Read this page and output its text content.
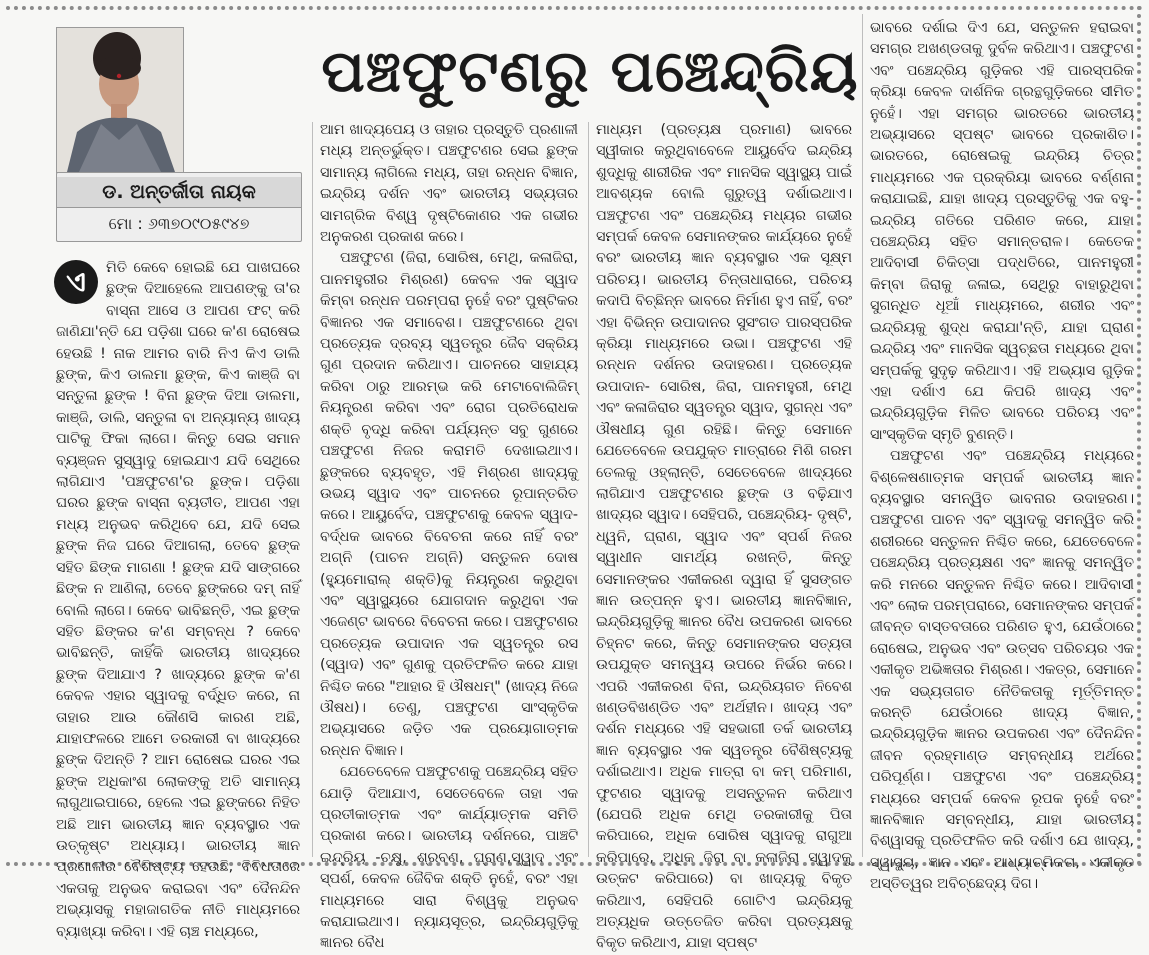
ଡ. ଅନ୍ତର୍ଜୀତା ନାୟକ
ମୋ : ୬୩୭୦୯୦୫୯୪୭
ପଞ୍ଚଫୁଟଣରୁ ପଞ୍ଚେନ୍ଦ୍ରିୟ
ଏ	ମିତି କେବେ ହୋଇଛି ଯେ ପାଖଘରେ ଛୁଙ୍କ ଦିଆହେଲେ ଆପଣଙ୍କୁ ତା'ର ବାସ୍ନା ଆସେ ଓ ଆପଣ ଫଟ୍ କରି ଜାଣିଯା'ନ୍ତି ଯେ ପଡ଼ିଶା ଘରେ କ'ଣ ରୋଷେଇ ହେଉଛି ! ନାକ ଆମର ବାରି ନିଏ କିଏ ଡାଲି ଛୁଙ୍କ, କିଏ ଡାଲମା ଛୁଙ୍କ, କିଏ କାଞ୍ଜି ବା ସନ୍ତୁଳା ଛୁଙ୍କ ! ବିନା ଛୁଙ୍କ ଦିଆ ଡାଲମା, କାଞ୍ଜି, ଡାଲି, ସନ୍ତୁଳା ବା ଅନ୍ୟାନ୍ୟ ଖାଦ୍ୟ ପାଟିକୁ ଫିକା ଲାଗେ। କିନ୍ତୁ ସେଇ ସମାନ ବ୍ୟଞ୍ଜନ ସୁସ୍ୱାଦୁ ହୋଇଯାଏ ଯଦି ସେଥିରେ ଲାଗିଯାଏ 'ପଞ୍ଚଫୁଟଣ'ର ଛୁଙ୍କ। ପଡ଼ିଶା ଘରର ଛୁଙ୍କ ବାସ୍ନା ବ୍ୟତୀତ, ଆପଣ ଏହା ମଧ୍ୟ ଅନୁଭବ କରିଥିବେ ଯେ, ଯଦି ସେଇ ଛୁଙ୍କ ନିଜ ଘରେ ଦିଆଗଲା, ତେବେ ଛୁଙ୍କ ସହିତ ଛିଙ୍କ ମାଗଣା ! ଛୁଙ୍କ ଯଦି ସାଙ୍ଗରେ ଛିଙ୍କ ନ ଆଣିଲା, ତେବେ ଛୁଙ୍କରେ ଦମ୍ ନାହିଁ ବୋଲି ଲାଗେ। କେବେ ଭାବିଛନ୍ତି, ଏଇ ଛୁଙ୍କ ସହିତ ଛିଙ୍କର କ'ଣ ସମ୍ବନ୍ଧ ? କେବେ ଭାବିଛନ୍ତି, କାହିଁକି ଭାରତୀୟ ଖାଦ୍ୟରେ ଛୁଙ୍କ ଦିଆଯାଏ ? ଖାଦ୍ୟରେ ଛୁଙ୍କ କ'ଣ କେବଳ ଏହାର ସ୍ୱାଦକୁ ବର୍ଦ୍ଧିତ କରେ, ନା ତାହାର ଆଉ କୌଣସି କାରଣ ଅଛି, ଯାହାଫଳରେ ଆମେ ତରକାରୀ ବା ଖାଦ୍ୟରେ ଛୁଙ୍କ ଦିଅନ୍ତି ? ଆମ ରୋଷେଇ ଘରର ଏଇ ଛୁଙ୍କ ଅଧିକାଂଶ ଲୋକଙ୍କୁ ଅତି ସାମାନ୍ୟ ଲାଗୁଥାଇପାରେ, ହେଲେ ଏଇ ଛୁଙ୍କରେ ନିହିତ ଅଛି ଆମ ଭାରତୀୟ ଜ୍ଞାନ ବ୍ୟବସ୍ଥାର ଏକ ଉତ୍କୃଷ୍ଟ ଅଧ୍ୟାୟ। ଭାରତୀୟ ଜ୍ଞାନ ପ୍ରଣାଳୀର ବୈଶିଷ୍ଟ୍ୟ ହେଉଛି, ବିବିଧତାରେ ଏକତାକୁ ଅନୁଭବ କରାଇବା ଏବଂ ଦୈନନ୍ଦିନ ଅଭ୍ୟାସକୁ ମହାଜାଗତିକ ନୀତି ମାଧ୍ୟମରେ ବ୍ୟାଖ୍ୟା କରିବା। ଏହି ଚାଞ୍ଚ ମଧ୍ୟରେ,

ଆମ ଖାଦ୍ୟପେୟ ଓ ତାହାର ପ୍ରସ୍ତୁତି ପ୍ରଣାଳୀ ମଧ୍ୟ ଅନ୍ତର୍ଭୁକ୍ତ। ପଞ୍ଚଫୁଟଣର ସେଇ ଛୁଙ୍କ ସାମାନ୍ୟ ଲାଗିଲେ ମଧ୍ୟ, ତାହା ରନ୍ଧନ ବିଜ୍ଞାନ, ଇନ୍ଦ୍ରିୟ ଦର୍ଶନ ଏବଂ ଭାରତୀୟ ସଭ୍ୟତାର ସାମଗ୍ରିକ ବିଶ୍ୱ ଦୃଷ୍ଟିକୋଣର ଏକ ଗଭୀର ଅନୁକରଣ ପ୍ରକାଶ କରେ।

ପଞ୍ଚଫୁଟଣ (ଜିରା, ସୋରିଷ, ମେଥି, କଳାଜିରା, ପାନମହୁରୀର ମିଶ୍ରଣ) କେବଳ ଏକ ସ୍ୱାଦ କିମ୍ବା ରନ୍ଧନ ପରମ୍ପରା ନୁହେଁ ବରଂ ପୁଷ୍ଟିକର ବିଜ୍ଞାନର ଏକ ସମାବେଶ। ପଞ୍ଚଫୁଟଣରେ ଥିବା ପ୍ରତ୍ୟେକ ଦ୍ରବ୍ୟ ସ୍ୱତନ୍ତ୍ର ଜୈବ ସକ୍ରିୟ ଗୁଣ ପ୍ରଦାନ କରିଥାଏ। ପାଚନରେ ସାହାଯ୍ୟ କରିବା ଠାରୁ ଆରମ୍ଭ କରି ମେଟାବୋଲିଜିମ୍ ନିୟନ୍ତ୍ରଣ କରିବା ଏବଂ ରୋଗ ପ୍ରତିରୋଧକ ଶକ୍ତି ବୃଦ୍ଧି କରିବା ପର୍ଯ୍ୟନ୍ତ ସବୁ ଗୁଣରେ ପଞ୍ଚଫୁଟଣ ନିଜର କରାମତି ଦେଖାଇଥାଏ। ଛୁଙ୍କରେ ବ୍ୟବହୃତ, ଏହି ମିଶ୍ରଣ ଖାଦ୍ୟକୁ ଉଭୟ ସ୍ୱାଦ ଏବଂ ପାଚନରେ ରୂପାନ୍ତରିତ କରେ। ଆୟୁର୍ବେଦ, ପଞ୍ଚଫୁଟଣକୁ କେବଳ ସ୍ୱାଦ-ବର୍ଦ୍ଧକ ଭାବରେ ବିବେଚନା କରେ ନାହିଁ ବରଂ ଅଗ୍ନି (ପାଚନ ଅଗ୍ନି) ସନ୍ତୁଳନ ଦୋଷ (ହ୍ୟୁମୋରାଲ୍ ଶକ୍ତି)କୁ ନିୟନ୍ତ୍ରଣ କରୁଥିବା ଏବଂ ସ୍ୱାସ୍ଥ୍ୟରେ ଯୋଗଦାନ କରୁଥିବା ଏକ ଏଜେଣ୍ଟ ଭାବରେ ବିବେଚନା କରେ। ପଞ୍ଚଫୁଟଣର ପ୍ରତ୍ୟେକ ଉପାଦାନ ଏକ ସ୍ୱତନ୍ତ୍ର ରସ (ସ୍ୱାଦ) ଏବଂ ଗୁଣକୁ ପ୍ରତିଫଳିତ କରେ ଯାହା ନିଶ୍ଚିତ କରେ "ଆହାର ହି ଔଷଧମ୍" (ଖାଦ୍ୟ ନିଜେ ଔଷଧ)। ତେଣୁ, ପଞ୍ଚଫୁଟଣ ସାଂସ୍କୃତିକ ଅଭ୍ୟାସରେ ଜଡ଼ିତ ଏକ ପ୍ରୟୋଗାତ୍ମକ ରନ୍ଧନ ବିଜ୍ଞାନ।

ଯେତେବେଳେ ପଞ୍ଚଫୁଟଣକୁ ପଞ୍ଚେନ୍ଦ୍ରିୟ ସହିତ ଯୋଡ଼ି ଦିଆଯାଏ, ସେତେବେଳେ ତାହା ଏକ ପ୍ରତୀକାତ୍ମକ ଏବଂ କାର୍ଯ୍ୟାତ୍ମକ ସମିତି ପ୍ରକାଶ କରେ। ଭାରତୀୟ ଦର୍ଶନରେ, ପାଞ୍ଚଟି ଇନ୍ଦ୍ରିୟ -ଚକ୍ଷୁ, ଶ୍ରବଣ, ଘ୍ରାଣ,ସ୍ୱାଦ ଏବଂ ସ୍ପର୍ଶ, କେବଳ ଜୈବିକ ଶକ୍ତି ନୁହେଁ, ବରଂ ଏହା ମାଧ୍ୟମରେ ସାରା ବିଶ୍ୱକୁ ଅନୁଭବ କରାଯାଇଥାଏ। ନ୍ୟାୟସୂତ୍ର, ଇନ୍ଦ୍ରିୟଗୁଡ଼ିକୁ ଜ୍ଞାନର ବୈଧ

ମାଧ୍ୟମ (ପ୍ରତ୍ୟକ୍ଷ ପ୍ରମାଣ) ଭାବରେ ସ୍ୱୀକାର କରୁଥିବାବେଳେ ଆୟୁର୍ବେଦ ଇନ୍ଦ୍ରିୟ ଶୁଦ୍ଧିକୁ ଶାରୀରିକ ଏବଂ ମାନସିକ ସ୍ୱାସ୍ଥ୍ୟ ପାଇଁ ଆବଶ୍ୟକ ବୋଲି ଗୁରୁତ୍ୱ ଦର୍ଶାଇଥାଏ। ପଞ୍ଚଫୁଟଣ ଏବଂ ପଞ୍ଚେନ୍ଦ୍ରିୟ ମଧ୍ୟର ଗଭୀର ସମ୍ପର୍କ କେବଳ ସେମାନଙ୍କର କାର୍ଯ୍ୟରେ ନୁହେଁ ବରଂ ଭାରତୀୟ ଜ୍ଞାନ ବ୍ୟବସ୍ଥାର ଏକ ସୂକ୍ଷ୍ମ ପରିଚୟ। ଭାରତୀୟ ଚିନ୍ତାଧାରାରେ, ପରିଚୟ କଦାପି ବିଚ୍ଛିନ୍ନ ଭାବରେ ନିର୍ମାଣ ହୁଏ ନାହିଁ, ବରଂ ଏହା ବିଭିନ୍ନ ଉପାଦାନର ସୁସଂଗତ ପାରସ୍ପରିକ କ୍ରିୟା ମାଧ୍ୟମରେ ଉଭା। ପଞ୍ଚଫୁଟଣ ଏହି ରନ୍ଧନ ଦର୍ଶନର ଉଦାହରଣ। ପ୍ରତ୍ୟେକ ଉପାଦାନ- ସୋରିଷ, ଜିରା, ପାନମହୁରୀ, ମେଥି ଏବଂ କଳାଜିରାର ସ୍ୱତନ୍ତ୍ର ସ୍ୱାଦ, ସୁଗନ୍ଧ ଏବଂ ଔଷଧୀୟ ଗୁଣ ରହିଛି। କିନ୍ତୁ ସେମାନେ ଯେତେବେଳେ ଉପଯୁକ୍ତ ମାତ୍ରାରେ ମିଶି ଗରମ ତେଲକୁ ଓହ୍ଲାନ୍ତି, ସେତେବେଳେ ଖାଦ୍ୟରେ ଲାଗିଯାଏ ପଞ୍ଚଫୁଟଣର ଛୁଙ୍କ ଓ ବଢ଼ିଯାଏ ଖାଦ୍ୟର ସ୍ୱାଦ। ସେହିପରି, ପଞ୍ଚେନ୍ଦ୍ରିୟ- ଦୃଷ୍ଟି, ଧ୍ୱନି, ଘ୍ରାଣ, ସ୍ୱାଦ ଏବଂ ସ୍ପର୍ଶ ନିଜର ସ୍ୱାଧୀନ ସାମର୍ଥ୍ୟ ରଖନ୍ତି, କିନ୍ତୁ ସେମାନଙ୍କର ଏକୀକରଣ ଦ୍ୱାରା ହିଁ ସୁସଙ୍ଗତ ଜ୍ଞାନ ଉତ୍ପନ୍ନ ହୁଏ। ଭାରତୀୟ ଜ୍ଞାନବିଜ୍ଞାନ, ଇନ୍ଦ୍ରିୟଗୁଡ଼ିକୁ ଜ୍ଞାନର ବୈଧ ଉପକରଣ ଭାବରେ ଚିହ୍ନଟ କରେ, କିନ୍ତୁ ସେମାନଙ୍କର ସତ୍ୟତା ଉପଯୁକ୍ତ ସମନ୍ୱୟ ଉପରେ ନିର୍ଭର କରେ। ଏପରି ଏକୀକରଣ ବିନା, ଇନ୍ଦ୍ରିୟଗତ ନିବେଶ ଖଣ୍ଡବିଖଣ୍ଡିତ ଏବଂ ଅର୍ଥହୀନ। ଖାଦ୍ୟ ଏବଂ ଦର୍ଶନ ମଧ୍ୟରେ ଏହି ସହଭାଗୀ ତର୍କ ଭାରତୀୟ ଜ୍ଞାନ ବ୍ୟବସ୍ଥାର ଏକ ସ୍ୱତନ୍ତ୍ର ବୈଶିଷ୍ଟ୍ୟକୁ ଦର୍ଶାଇଥାଏ। ଅଧିକ ମାତ୍ରା ବା କମ୍ ପରିମାଣ, ଫୁଟଣର ସ୍ୱାଦକୁ ଅସନ୍ତୁଳନ କରିଥାଏ (ଯେପରି ଅଧିକ ମେଥି ତରକାରୀକୁ ପିତା କରିପାରେ, ଅଧିକ ସୋରିଷ ସ୍ୱାଦକୁ ରାଗୁଆ କରିପାରେ, ଅଧିକ ଜିରା ବା କଳାଜିରା ସ୍ୱାଦକୁ ଉତ୍କଟ କରିପାରେ) ବା ଖାଦ୍ୟକୁ ବିକୃତ କରିଥାଏ, ସେହିପରି ଗୋଟିଏ ଇନ୍ଦ୍ରିୟକୁ ଅତ୍ୟଧିକ ଉତ୍ତେଜିତ କରିବା ପ୍ରତ୍ୟକ୍ଷକୁ ବିକୃତ କରିଥାଏ, ଯାହା ସ୍ପଷ୍ଟ

ଭାବରେ ଦର୍ଶାଇ ଦିଏ ଯେ, ସନ୍ତୁଳନ ହରାଇବା ସମଗ୍ର ଅଖଣ୍ଡତାକୁ ଦୁର୍ବଳ କରିଥାଏ। ପଞ୍ଚଫୁଟଣ ଏବଂ ପଞ୍ଚେନ୍ଦ୍ରିୟ ଗୁଡ଼ିକର ଏହି ପାରସ୍ପରିକ କ୍ରିୟା କେବଳ ଦାର୍ଶନିକ ଗ୍ରନ୍ଥଗୁଡ଼ିକରେ ସୀମିତ ନୁହେଁ। ଏହା ସମଗ୍ର ଭାରତରେ ଭାରତୀୟ ଅଭ୍ୟାସରେ ସ୍ପଷ୍ଟ ଭାବରେ ପ୍ରକାଶିତ। ଭାରତରେ, ରୋଷେଇକୁ ଇନ୍ଦ୍ରିୟ ଚିତ୍ର ମାଧ୍ୟମରେ ଏକ ପ୍ରକ୍ରିୟା ଭାବରେ ବର୍ଣ୍ଣନା କରାଯାଇଛି, ଯାହା ଖାଦ୍ୟ ପ୍ରସ୍ତୁତିକୁ ଏକ ବହୁ-ଇନ୍ଦ୍ରିୟ ଗତିରେ ପରିଣତ କରେ, ଯାହା ପଞ୍ଚେନ୍ଦ୍ରିୟ ସହିତ ସମାନ୍ତରାଳ। କେତେକ ଆଦିବାସୀ ଚିକିତ୍ସା ପଦ୍ଧତିରେ, ପାନମହୁରୀ କିମ୍ବା ଜିରାକୁ ଜଳାଇ, ସେଥିରୁ ବାହାରୁଥିବା ସୁଗନ୍ଧିତ ଧୂଆଁ ମାଧ୍ୟମରେ, ଶରୀର ଏବଂ ଇନ୍ଦ୍ରିୟକୁ ଶୁଦ୍ଧ କରାଯା'ନ୍ତି, ଯାହା ଘ୍ରାଣ ଇନ୍ଦ୍ରିୟ ଏବଂ ମାନସିକ ସ୍ୱଚ୍ଛତା ମଧ୍ୟରେ ଥିବା ସମ୍ପର୍କକୁ ସୁଦୃଢ଼ କରିଥାଏ। ଏହି ଅଭ୍ୟାସ ଗୁଡ଼ିକ ଏହା ଦର୍ଶାଏ ଯେ କିପରି ଖାଦ୍ୟ ଏବଂ ଇନ୍ଦ୍ରିୟଗୁଡ଼ିକ ମିଳିତ ଭାବରେ ପରିଚୟ ଏବଂ ସାଂସ୍କୃତିକ ସ୍ମୃତି ବୁଣନ୍ତି।

ପଞ୍ଚଫୁଟଣ ଏବଂ ପଞ୍ଚେନ୍ଦ୍ରିୟ ମଧ୍ୟରେ ବିଶ୍ଳେଷଣାତ୍ମକ ସମ୍ପର୍କ ଭାରତୀୟ ଜ୍ଞାନ ବ୍ୟବସ୍ଥାର ସମନ୍ୱିତ ଭାବନାର ଉଦାହରଣ। ପଞ୍ଚଫୁଟଣ ପାଚନ ଏବଂ ସ୍ୱାଦକୁ ସମନ୍ୱିତ କରି ଶରୀରରେ ସନ୍ତୁଳନ ନିଶ୍ଚିତ କରେ, ଯେତେବେଳେ ପଞ୍ଚେନ୍ଦ୍ରିୟ ପ୍ରତ୍ୟକ୍ଷଣ ଏବଂ ଜ୍ଞାନକୁ ସମନ୍ୱିତ କରି ମନରେ ସନ୍ତୁଳନ ନିଶ୍ଚିତ କରେ। ଆଦିବାସୀ ଏବଂ ଲୋକ ପରମ୍ପରାରେ, ସେମାନଙ୍କର ସମ୍ପର୍କ ଜୀବନ୍ତ ବାସ୍ତବତାରେ ପରିଣତ ହୁଏ, ଯେଉଁଠାରେ ରୋଷେଇ, ଅନୁଭବ ଏବଂ ଉତ୍ସବ ପରିଚୟର ଏକ ଏକୀକୃତ ଅଭିଜ୍ଞତାର ମିଶ୍ରଣ। ଏକତ୍ର, ସେମାନେ ଏକ ସଭ୍ୟତାଗତ ନୈତିକତାକୁ ମୂର୍ତ୍ତିମନ୍ତ କରନ୍ତି ଯେଉଁଠାରେ ଖାଦ୍ୟ ବିଜ୍ଞାନ, ଇନ୍ଦ୍ରିୟଗୁଡ଼ିକ ଜ୍ଞାନର ଉପକରଣ ଏବଂ ଦୈନନ୍ଦିନ ଜୀବନ ବ୍ରହ୍ମାଣ୍ଡ ସମ୍ବନ୍ଧୀୟ ଅର୍ଥରେ ପରିପୂର୍ଣ୍ଣ। ପଞ୍ଚଫୁଟଣ ଏବଂ ପଞ୍ଚେନ୍ଦ୍ରିୟ ମଧ୍ୟରେ ସମ୍ପର୍କ କେବଳ ରୂପକ ନୁହେଁ ବରଂ ଜ୍ଞାନବିଜ୍ଞାନ ସମ୍ବନ୍ଧୀୟ, ଯାହା ଭାରତୀୟ ବିଶ୍ୱାସକୁ ପ୍ରତିଫଳିତ କରି ଦର୍ଶାଏ ଯେ ଖାଦ୍ୟ, ସ୍ୱାସ୍ଥ୍ୟ, ଜ୍ଞାନ ଏବଂ ଆଧ୍ୟାତ୍ମିକତା, ଏକୀକୃତ ଅସ୍ତିତ୍ୱର ଅବିଚ୍ଛେଦ୍ୟ ଦିଗ।
